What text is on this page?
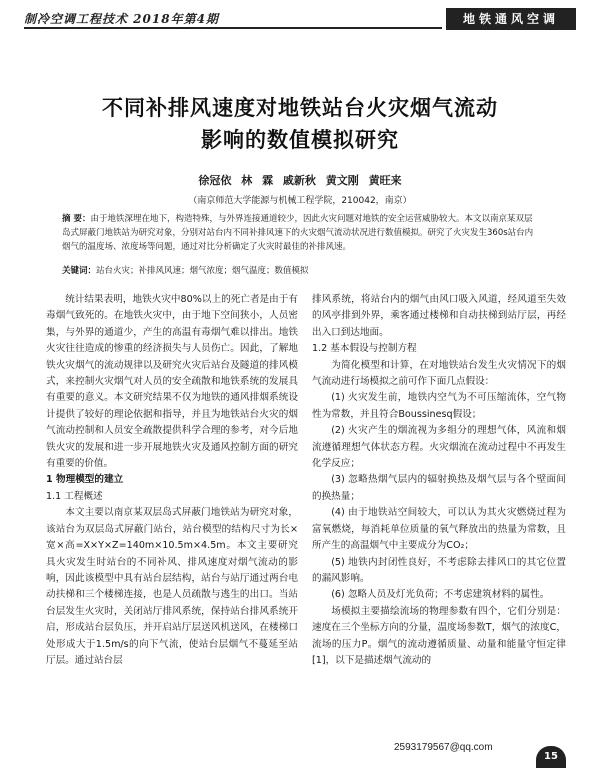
制冷空调工程技术 2018年第4期	地铁通风空调
不同补排风速度对地铁站台火灾烟气流动
影响的数值模拟研究
徐冠依 林 霖 戚新秋 黄文刚 黄旺来
（南京师范大学能源与机械工程学院，210042，南京）
摘 要：由于地铁深埋在地下，构造特殊，与外界连接通道较少，因此火灾问题对地铁的安全运营威胁较大。本文以南京某双层岛式屏蔽门地铁站为研究对象，分别对站台内不同补排风速下的火灾烟气流动状况进行数值模拟。研究了火灾发生360s站台内烟气的温度场、浓度场等问题，通过对比分析确定了火灾时最佳的补排风速。
关键词：站台火灾；补排风风速；烟气浓度；烟气温度；数值模拟

统计结果表明，地铁火灾中80%以上的死亡者是由于有毒烟气致死的。在地铁火灾中，由于地下空间狭小，人员密集，与外界的通道少，产生的高温有毒烟气难以排出。地铁火灾往往造成的惨重的经济损失与人员伤亡。因此，了解地铁火灾烟气的流动规律以及研究火灾后站台及隧道的排风模式，来控制火灾烟气对人员的安全疏散和地铁系统的发展具有重要的意义。本文研究结果不仅为地铁的通风排烟系统设计提供了较好的理论依据和指导，并且为地铁站台火灾的烟气流动控制和人员安全疏散提供科学合理的参考，对今后地铁火灾的发展和进一步开展地铁火灾及通风控制方面的研究有重要的价值。

1 物理模型的建立

1.1 工程概述

本文主要以南京某双层岛式屏蔽门地铁站为研究对象，该站台为双层岛式屏蔽门站台，站台模型的结构尺寸为长×宽×高=X×Y×Z=140m×10.5m×4.5m。本文主要研究具火灾发生时站台的不同补风、排风速度对烟气流动的影响，因此该模型中具有站台层结构，站台与站厅通过两台电动扶梯和三个楼梯连接，也是人员疏散与逃生的出口。当站台层发生火灾时，关闭站厅排风系统，保持站台排风系统开启，形成站台层负压，并开启站厅层送风机送风，在楼梯口处形成大于1.5m/s的向下气流，使站台层烟气不蔓延至站厅层。通过站台层

排风系统，将站台内的烟气由风口吸入风道，经风道至失效的风亭排到外界，乘客通过楼梯和自动扶梯到站厅层，再经出入口到达地面。

1.2 基本假设与控制方程

为简化模型和计算，在对地铁站台发生火灾情况下的烟气流动进行场模拟之前可作下面几点假设：

(1) 火灾发生前，地铁内空气为不可压缩流体，空气物性为常数，并且符合Boussinesq假设；

(2) 火灾产生的烟流视为多组分的理想气体，风流和烟流遵循理想气体状态方程。火灾烟流在流动过程中不再发生化学反应；

(3) 忽略热烟气层内的辐射换热及烟气层与各个壁面间的换热量；

(4) 由于地铁站空间较大，可以认为其火灾燃烧过程为富氧燃烧，每消耗单位质量的氧气释放出的热量为常数，且所产生的高温烟气中主要成分为CO₂；

(5) 地铁内封闭性良好，不考虑除去排风口的其它位置的漏风影响。

(6) 忽略人员及灯光负荷；不考虑建筑材料的属性。

场模拟主要描绘流场的物理参数有四个，它们分别是：速度在三个坐标方向的分量，温度场参数T，烟气的浓度C，流场的压力P。烟气的流动遵循质量、动量和能量守恒定律[1]，以下是描述烟气流动的

2593179567@qq.com
15
